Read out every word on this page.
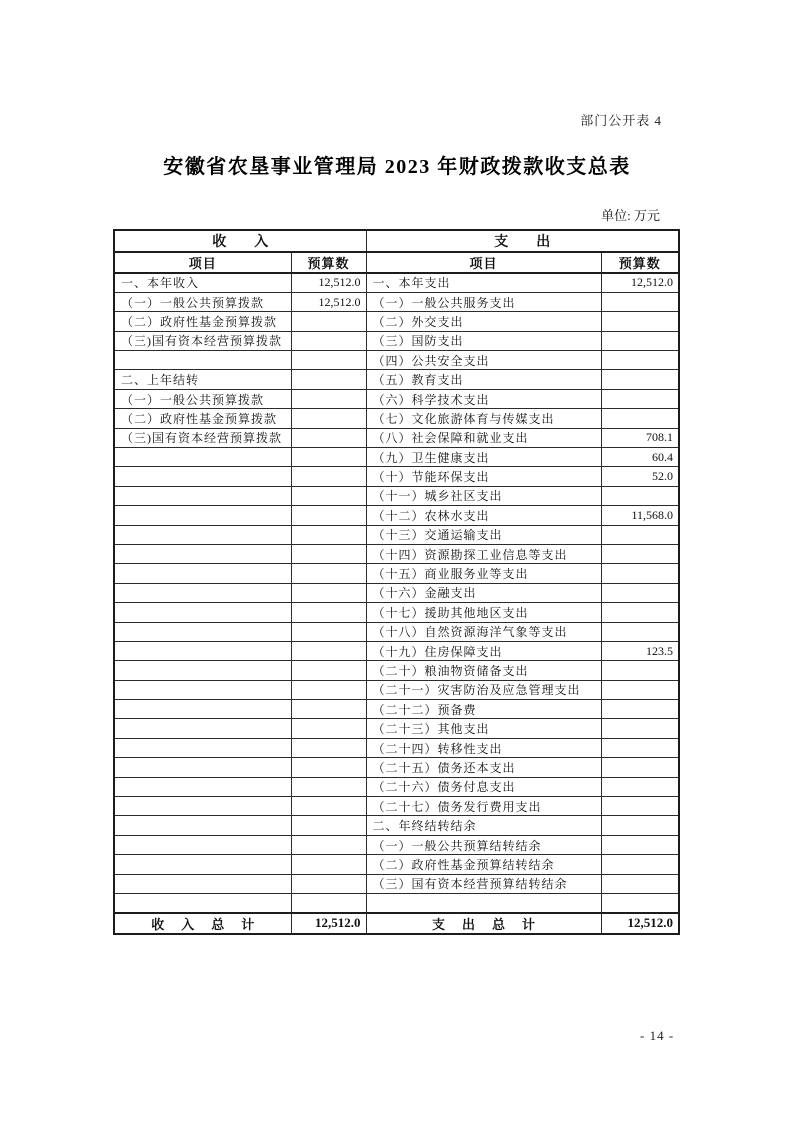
部门公开表 4
安徽省农垦事业管理局 2023 年财政拨款收支总表
单位: 万元
收　　入		支　　出	
项目	预算数	项目	预算数
一、本年收入	12,512.0	一、本年支出	12,512.0
（一）一般公共预算拨款	12,512.0	（一）一般公共服务支出	
（二）政府性基金预算拨款		（二）外交支出	
（三)国有资本经营预算拨款		（三）国防支出	
		（四）公共安全支出	
二、上年结转		（五）教育支出	
（一）一般公共预算拨款		（六）科学技术支出	
（二）政府性基金预算拨款		（七）文化旅游体育与传媒支出	
（三)国有资本经营预算拨款		（八）社会保障和就业支出	708.1
		（九）卫生健康支出	60.4
		（十）节能环保支出	52.0
		（十一）城乡社区支出	
		（十二）农林水支出	11,568.0
		（十三）交通运输支出	
		（十四）资源勘探工业信息等支出	
		（十五）商业服务业等支出	
		（十六）金融支出	
		（十七）援助其他地区支出	
		（十八）自然资源海洋气象等支出	
		（十九）住房保障支出	123.5
		（二十）粮油物资储备支出	
		（二十一）灾害防治及应急管理支出	
		（二十二）预备费	
		（二十三）其他支出	
		（二十四）转移性支出	
		（二十五）债务还本支出	
		（二十六）债务付息支出	
		（二十七）债务发行费用支出	
		二、年终结转结余	
		（一）一般公共预算结转结余	
		（二）政府性基金预算结转结余	
		（三）国有资本经营预算结转结余	

收　入　总　计	12,512.0	支　出　总　计	12,512.0
- 14 -
